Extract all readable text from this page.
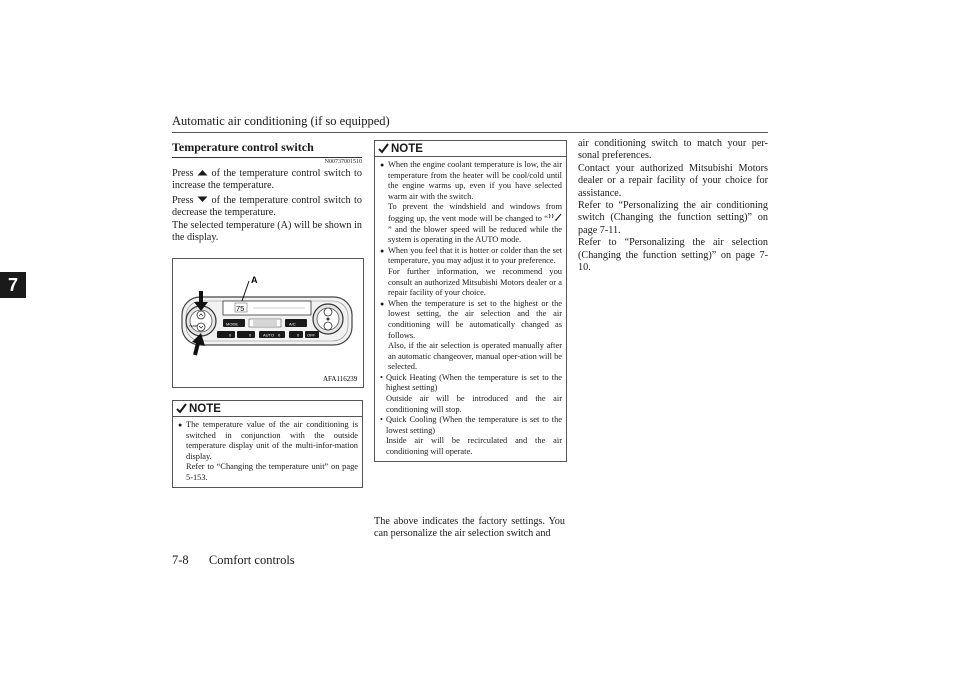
Automatic air conditioning (if so equipped)
7
Temperature control switch
N00737001510

Press  of the temperature control switch to increase the temperature.

Press  of the temperature control switch to decrease the temperature.

The selected temperature (A) will be shown in the display.

A
75
TEMP	MODE	A/C
AUTO	OFF
0	0	0	0
AFA116239
NOTE
● The temperature value of the air conditioning is switched in conjunction with the outside temperature display unit of the multi-infor-mation display.
Refer to “Changing the temperature unit” on page 5-153.
NOTE
● When the engine coolant temperature is low, the air temperature from the heater will be cool/cold until the engine warms up, even if you have selected warm air with the switch.
To prevent the windshield and windows from fogging up, the vent mode will be changed to “” and the blower speed will be reduced while the system is operating in the AUTO mode.
● When you feel that it is hotter or colder than the set temperature, you may adjust it to your preference.
For further information, we recommend you consult an authorized Mitsubishi Motors dealer or a repair facility of your choice.
● When the temperature is set to the highest or the lowest setting, the air selection and the air conditioning will be automatically changed as follows.
Also, if the air selection is operated manually after an automatic changeover, manual oper-ation will be selected.
• Quick Heating (When the temperature is set to the highest setting)
Outside air will be introduced and the air conditioning will stop.
• Quick Cooling (When the temperature is set to the lowest setting)
Inside air will be recirculated and the air conditioning will operate.
The above indicates the factory settings. You can personalize the air selection switch and

air conditioning switch to match your per-sonal preferences.

Contact your authorized Mitsubishi Motors dealer or a repair facility of your choice for assistance.

Refer to “Personalizing the air conditioning switch (Changing the function setting)” on page 7-11.

Refer to “Personalizing the air selection (Changing the function setting)” on page 7-10.

7-8 Comfort controls
